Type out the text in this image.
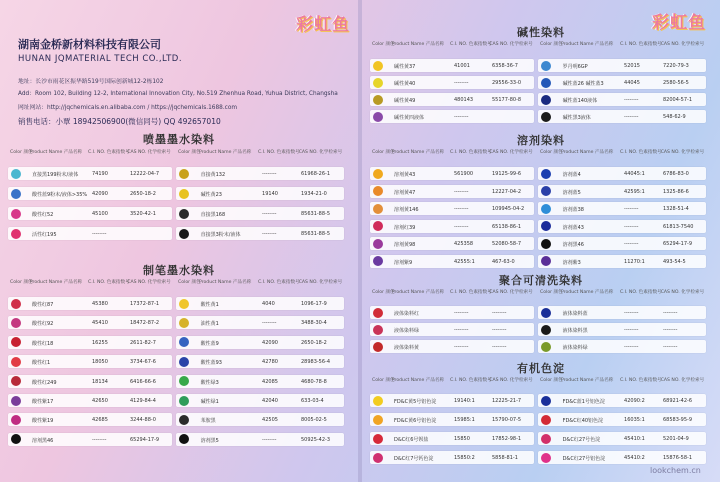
彩虹鱼
湖南金桥新材料科技有限公司
HUNAN JQMATERIAL TECH CO.,LTD.
地址：长沙市雨花区振华路519号国际创新城12-2栋102
Add：Room 102, Building 12-2, International Innovation City, No.519 Zhenhua Road, Yuhua District, Changsha
网址网站：http://jqchemicals.en.alibaba.com / https://jqchemicals.1688.com
销售电话：小覃 18942506900(微信同号) QQ 492657010
喷墨墨水染料
Color 颜色
Product Name 产品名称	C.I. NO. 色素指数号
CAS NO. 化学检索号
直接黑199粉末/液体	74190	12222-04-7
酸性蓝9粉末/液体>35% 42090	2650-18-2
酸性红52	45100	3520-42-1
活性红195	--------
Color 颜色
Product Name 产品名称	C.I. NO. 色素指数号 CAS NO. 化学检索号
直接黄132	--------	61968-26-1
碱性黄23	19140	1934-21-0
直接黑168	--------	85631-88-5
直接黑3粉末/液体	--------	85631-88-5
制笔墨水染料
Color 颜色
Product Name 产品名称	C.I. NO. 色素指数号
CAS NO. 化学检索号
酸性红87	45380	17372-87-1
酸性红92	45410	18472-87-2
酸性红18	16255	2611-82-7
酸性红1	18050	3734-67-6
酸性红249	18134	6416-66-6
酸性紫17	42650	4129-84-4
酸性紫19	42685	3244-88-0
溶剂黑46	--------	65294-17-9
Color 颜色
Product Name 产品名称	C.I. NO. 色素指数号 CAS NO. 化学检索号
酸性黄1	4040	1096-17-9
油性黄1	--------	3488-30-4
酸性蓝9	42090	2650-18-2
酸性蓝93	42780	28983-56-4
酸性绿3	42085	4680-78-8
碱性绿1	42040	633-03-4
苯胺黑	42505	8005-02-5
溶剂黑5	--------	50925-42-3
彩虹鱼
碱性染料
Color 颜色
Product Name 产品名称	C.I. NO. 色素指数号
CAS NO. 化学检索号
碱性黄37	41001	6358-36-7
碱性黄40	--------	29556-33-0
碱性黄49	480143	55177-80-8
碱性黄四液体	--------
Color 颜色
Product Name 产品名称	C.I. NO. 色素指数号 CAS NO. 化学检索号
罗丹明6GP	52015	7220-79-3
碱性蓝26 碱性蓝3	44045	2580-56-5
碱性蓝140液体	--------	82004-57-1
碱性黑3液体	--------	548-62-9
溶剂染料
Color 颜色
Product Name 产品名称	C.I. NO. 色素指数号
CAS NO. 化学检索号
溶剂黄43	561900	19125-99-6
溶剂黄47	--------	12227-04-2
溶剂黄146	--------	109945-04-2
溶剂红39	--------	65138-86-1
溶剂黄98	425358	52080-58-7
溶剂紫9	42555:1	467-63-0
Color 颜色
Product Name 产品名称	C.I. NO. 色素指数号 CAS NO. 化学检索号
溶剂蓝4	44045:1	6786-83-0
溶剂蓝5	42595:1	1325-86-6
溶剂蓝38	--------	1328-51-4
溶剂蓝43	--------	61813-7540
溶剂黑46	--------	65294-17-9
溶剂紫3	11270:1	493-54-5
聚合可清洗染料
Color 颜色
Product Name 产品名称	C.I. NO. 色素指数号
CAS NO. 化学检索号
液体染料红	--------	--------
液体染料绿	--------	--------
液体染料黄	--------	--------
Color 颜色
Product Name 产品名称	C.I. NO. 色素指数号 CAS NO. 化学检索号
液体染料蓝	--------	--------
液体染料黑	--------	--------
液体染料绿	--------	--------
有机色淀
Color 颜色
Product Name 产品名称	C.I. NO. 色素指数号
CAS NO. 化学检索号
FD&C黄5号铝色淀	19140:1	12225-21-7
FD&C黄6号铝色淀	15985:1	15790-07-5
D&C红6号钡盐	15850	17852-98-1
D&C红7号钙色淀	15850:2	5858-81-1
Color 颜色
Product Name 产品名称	C.I. NO. 色素指数号 CAS NO. 化学检索号
FD&C蓝1号铝色淀	42090:2	68921-42-6
FD&C红40铝色淀	16035:1	68583-95-9
D&C红27号色淀	45410:1	5201-04-9
D&C红27号铝色淀	45410:2	15876-58-1
lookchem.cn
